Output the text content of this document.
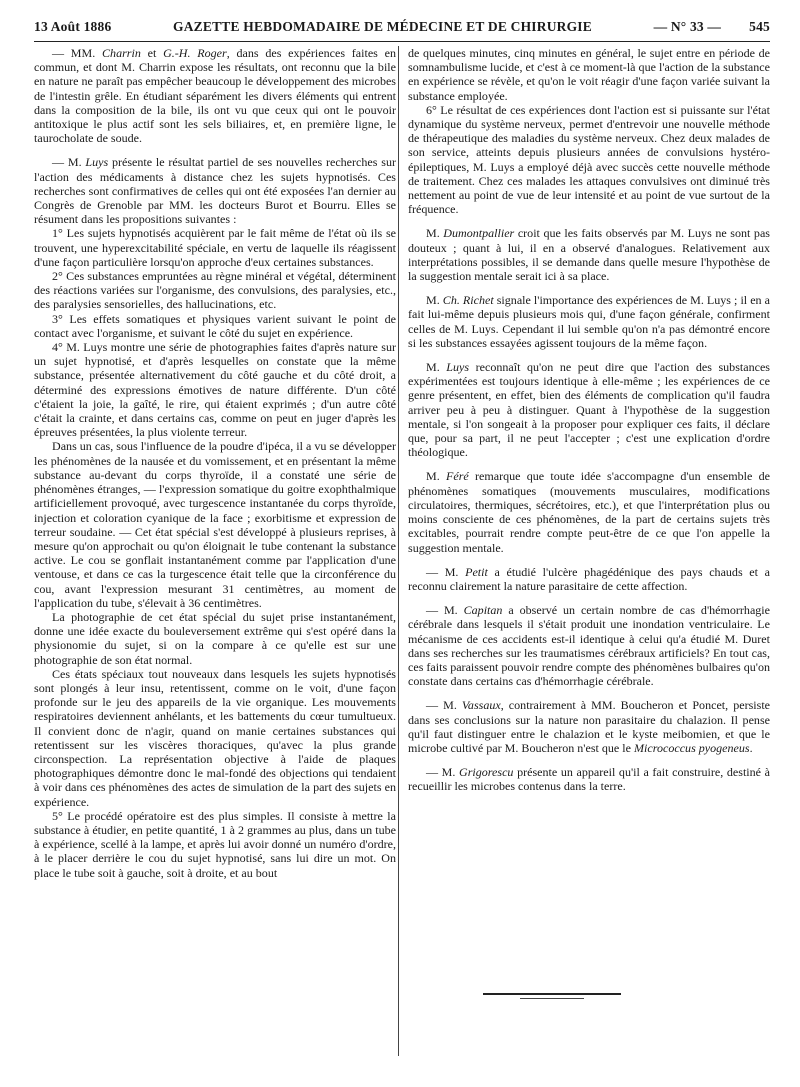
13 Août 1886	GAZETTE HEBDOMADAIRE DE MÉDECINE ET DE CHIRURGIE	— N° 33 — 545

— MM. Charrin et G.-H. Roger, dans des expériences faites en commun, et dont M. Charrin expose les résultats, ont reconnu que la bile en nature ne paraît pas empêcher beaucoup le développement des microbes de l'intestin grêle. En étudiant séparément les divers éléments qui entrent dans la composition de la bile, ils ont vu que ceux qui ont le pouvoir antitoxique le plus actif sont les sels biliaires, et, en première ligne, le taurocholate de soude.

— M. Luys présente le résultat partiel de ses nouvelles recherches sur l'action des médicaments à distance chez les sujets hypnotisés. Ces recherches sont confirmatives de celles qui ont été exposées l'an dernier au Congrès de Grenoble par MM. les docteurs Burot et Bourru. Elles se résument dans les propositions suivantes :

1° Les sujets hypnotisés acquièrent par le fait même de l'état où ils se trouvent, une hyperexcitabilité spéciale, en vertu de laquelle ils réagissent d'une façon particulière lorsqu'on approche d'eux certaines substances.

2° Ces substances empruntées au règne minéral et végétal, déterminent des réactions variées sur l'organisme, des convulsions, des paralysies, etc., des paralysies sensorielles, des hallucinations, etc.

3° Les effets somatiques et physiques varient suivant le point de contact avec l'organisme, et suivant le côté du sujet en expérience.

4° M. Luys montre une série de photographies faites d'après nature sur un sujet hypnotisé, et d'après lesquelles on constate que la même substance, présentée alternativement du côté gauche et du côté droit, a déterminé des expressions émotives de nature différente. D'un côté c'étaient la joie, la gaîté, le rire, qui étaient exprimés ; d'un autre côté c'était la crainte, et dans certains cas, comme on peut en juger d'après les épreuves présentées, la plus violente terreur.

Dans un cas, sous l'influence de la poudre d'ipéca, il a vu se développer les phénomènes de la nausée et du vomissement, et en présentant la même substance au-devant du corps thyroïde, il a constaté une série de phénomènes étranges, — l'expression somatique du goitre exophthalmique artificiellement provoqué, avec turgescence instantanée du corps thyroïde, injection et coloration cyanique de la face ; exorbitisme et expression de terreur soudaine. — Cet état spécial s'est développé à plusieurs reprises, à mesure qu'on approchait ou qu'on éloignait le tube contenant la substance active. Le cou se gonflait instantanément comme par l'application d'une ventouse, et dans ce cas la turgescence était telle que la circonférence du cou, avant l'expression mesurant 31 centimètres, au moment de l'application du tube, s'élevait à 36 centimètres.

La photographie de cet état spécial du sujet prise instantanément, donne une idée exacte du bouleversement extrême qui s'est opéré dans la physionomie du sujet, si on la compare à ce qu'elle est sur une photographie de son état normal.

Ces états spéciaux tout nouveaux dans lesquels les sujets hypnotisés sont plongés à leur insu, retentissent, comme on le voit, d'une façon profonde sur le jeu des appareils de la vie organique. Les mouvements respiratoires deviennent anhélants, et les battements du cœur tumultueux. Il convient donc de n'agir, quand on manie certaines substances qui retentissent sur les viscères thoraciques, qu'avec la plus grande circonspection. La représentation objective à l'aide de plaques photographiques démontre donc le mal-fondé des objections qui tendaient à voir dans ces phénomènes des actes de simulation de la part des sujets en expérience.

5° Le procédé opératoire est des plus simples. Il consiste à mettre la substance à étudier, en petite quantité, 1 à 2 grammes au plus, dans un tube à expérience, scellé à la lampe, et après lui avoir donné un numéro d'ordre, à le placer derrière le cou du sujet hypnotisé, sans lui dire un mot. On place le tube soit à gauche, soit à droite, et au bout

de quelques minutes, cinq minutes en général, le sujet entre en période de somnambulisme lucide, et c'est à ce moment-là que l'action de la substance en expérience se révèle, et qu'on le voit réagir d'une façon variée suivant la substance employée.

6° Le résultat de ces expériences dont l'action est si puissante sur l'état dynamique du système nerveux, permet d'entrevoir une nouvelle méthode de thérapeutique des maladies du système nerveux. Chez deux malades de son service, atteints depuis plusieurs années de convulsions hystéro-épileptiques, M. Luys a employé déjà avec succès cette nouvelle méthode de traitement. Chez ces malades les attaques convulsives ont diminué très nettement au point de vue de leur intensité et au point de vue surtout de la fréquence.

M. Dumontpallier croit que les faits observés par M. Luys ne sont pas douteux ; quant à lui, il en a observé d'analogues. Relativement aux interprétations possibles, il se demande dans quelle mesure l'hypothèse de la suggestion mentale serait ici à sa place.

M. Ch. Richet signale l'importance des expériences de M. Luys ; il en a fait lui-même depuis plusieurs mois qui, d'une façon générale, confirment celles de M. Luys. Cependant il lui semble qu'on n'a pas démontré encore si les substances essayées agissent toujours de la même façon.

M. Luys reconnaît qu'on ne peut dire que l'action des substances expérimentées est toujours identique à elle-même ; les expériences de ce genre présentent, en effet, bien des éléments de complication qu'il faudra arriver peu à peu à distinguer. Quant à l'hypothèse de la suggestion mentale, si l'on songeait à la proposer pour expliquer ces faits, il déclare que, pour sa part, il ne peut l'accepter ; c'est une explication d'ordre théologique.

M. Féré remarque que toute idée s'accompagne d'un ensemble de phénomènes somatiques (mouvements musculaires, modifications circulatoires, thermiques, sécrétoires, etc.), et que l'interprétation plus ou moins consciente de ces phénomènes, de la part de certains sujets très excitables, pourrait rendre compte peut-être de ce que l'on appelle la suggestion mentale.

— M. Petit a étudié l'ulcère phagédénique des pays chauds et a reconnu clairement la nature parasitaire de cette affection.

— M. Capitan a observé un certain nombre de cas d'hémorrhagie cérébrale dans lesquels il s'était produit une inondation ventriculaire. Le mécanisme de ces accidents est-il identique à celui qu'a étudié M. Duret dans ses recherches sur les traumatismes cérébraux artificiels? En tout cas, ces faits paraissent pouvoir rendre compte des phénomènes bulbaires qu'on constate dans certains cas d'hémorrhagie cérébrale.

— M. Vassaux, contrairement à MM. Boucheron et Poncet, persiste dans ses conclusions sur la nature non parasitaire du chalazion. Il pense qu'il faut distinguer entre le chalazion et le kyste meibomien, et que le microbe cultivé par M. Boucheron n'est que le Micrococcus pyogeneus.

— M. Grigorescu présente un appareil qu'il a fait construire, destiné à recueillir les microbes contenus dans la terre.
